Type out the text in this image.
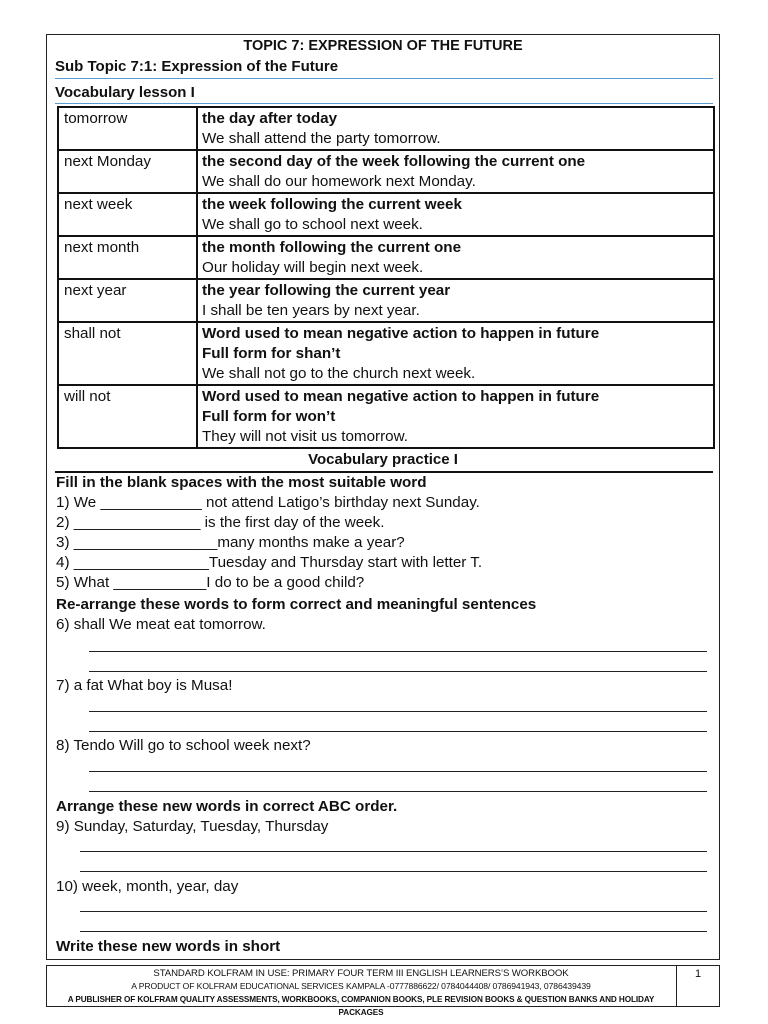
TOPIC 7: EXPRESSION OF THE FUTURE
Sub Topic 7:1: Expression of the Future
Vocabulary lesson I
tomorrow	the day after today
We shall attend the party tomorrow.

next Monday	the second day of the week following the current one
We shall do our homework next Monday.

next week	the week following the current week
We shall go to school next week.

next month	the month following the current one
Our holiday will begin next week.

next year	the year following the current year
I shall be ten years by next year.

shall not	Word used to mean negative action to happen in future
Full form for shan’t
We shall not go to the church next week.

will not	Word used to mean negative action to happen in future
Full form for won’t
They will not visit us tomorrow.
Vocabulary practice I
Fill in the blank spaces with the most suitable word
1) We ____________ not attend Latigo’s birthday next Sunday.
2) _______________ is the first day of the week.
3) _________________many months make a year?
4) ________________Tuesday and Thursday start with letter T.
5) What ___________I do to be a good child?
Re-arrange these words to form correct and meaningful sentences
6) shall We meat eat tomorrow.
7) a fat What boy is Musa!
8) Tendo Will go to school week next?
Arrange these new words in correct ABC order.
9) Sunday, Saturday, Tuesday, Thursday
10) week, month, year, day
Write these new words in short
STANDARD KOLFRAM IN USE: PRIMARY FOUR TERM III ENGLISH LEARNERS’S WORKBOOK
A PRODUCT OF KOLFRAM EDUCATIONAL SERVICES KAMPALA -0777886622/ 0784044408/ 0786941943, 0786439439
A PUBLISHER OF KOLFRAM QUALITY ASSESSMENTS, WORKBOOKS, COMPANION BOOKS, PLE REVISION BOOKS & QUESTION BANKS AND HOLIDAY PACKAGES
1
